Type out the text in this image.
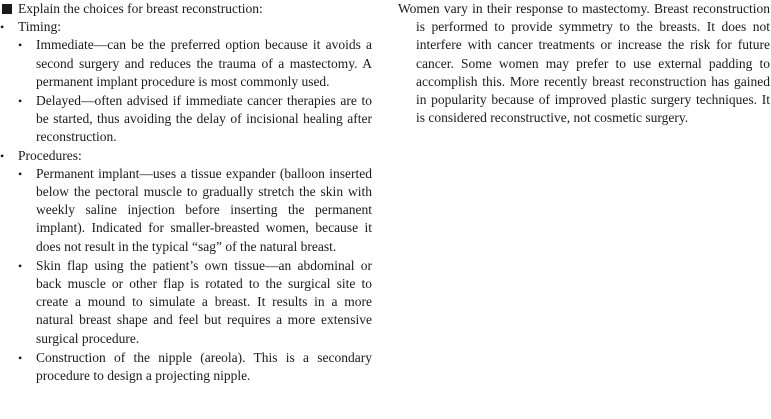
Explain the choices for breast reconstruction:
• Timing:
• Immediate—can be the preferred option because it avoids a second surgery and reduces the trauma of a mastectomy. A permanent implant procedure is most commonly used.
• Delayed—often advised if immediate cancer therapies are to be started, thus avoiding the delay of incisional healing after reconstruction.
• Procedures:
• Permanent implant—uses a tissue expander (balloon inserted below the pectoral muscle to gradually stretch the skin with weekly saline injection before inserting the permanent implant). Indicated for smaller-breasted women, because it does not result in the typical “sag” of the natural breast.
• Skin flap using the patient’s own tissue—an abdominal or back muscle or other flap is rotated to the surgical site to create a mound to simulate a breast. It results in a more natural breast shape and feel but requires a more extensive surgical procedure.
• Construction of the nipple (areola). This is a secondary procedure to design a projecting nipple.
Women vary in their response to mastectomy. Breast reconstruction is performed to provide symmetry to the breasts. It does not interfere with cancer treatments or increase the risk for future cancer. Some women may prefer to use external padding to accomplish this. More recently breast reconstruction has gained in popularity because of improved plastic surgery techniques. It is considered reconstructive, not cosmetic surgery.
